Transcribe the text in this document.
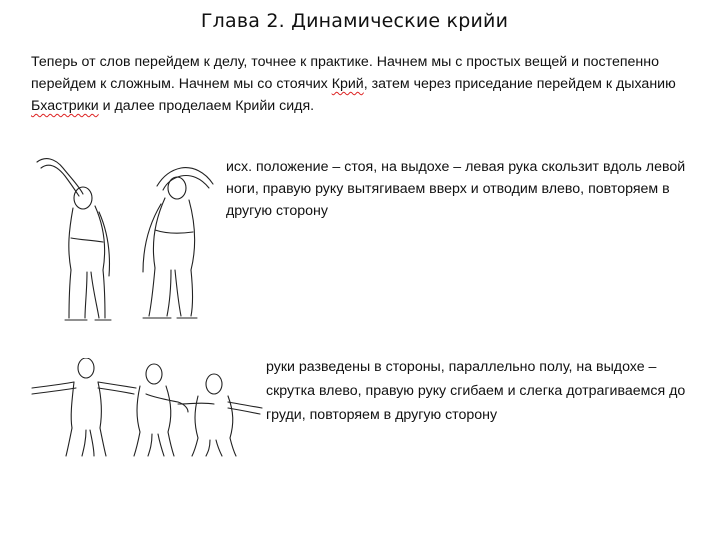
Глава 2. Динамические крийи
Теперь от слов перейдем к делу, точнее к практике. Начнем мы с простых вещей и постепенно перейдем к сложным. Начнем мы со стоячих Крий, затем через приседание перейдем к дыханию Бхастрики и далее проделаем Крийи сидя.
исх. положение – стоя, на выдохе – левая рука скользит вдоль левой ноги, правую руку вытягиваем вверх и отводим влево, повторяем в другую сторону
руки разведены в стороны, параллельно полу, на выдохе – скрутка влево, правую руку сгибаем и слегка дотрагиваемся до груди, повторяем в другую сторону
